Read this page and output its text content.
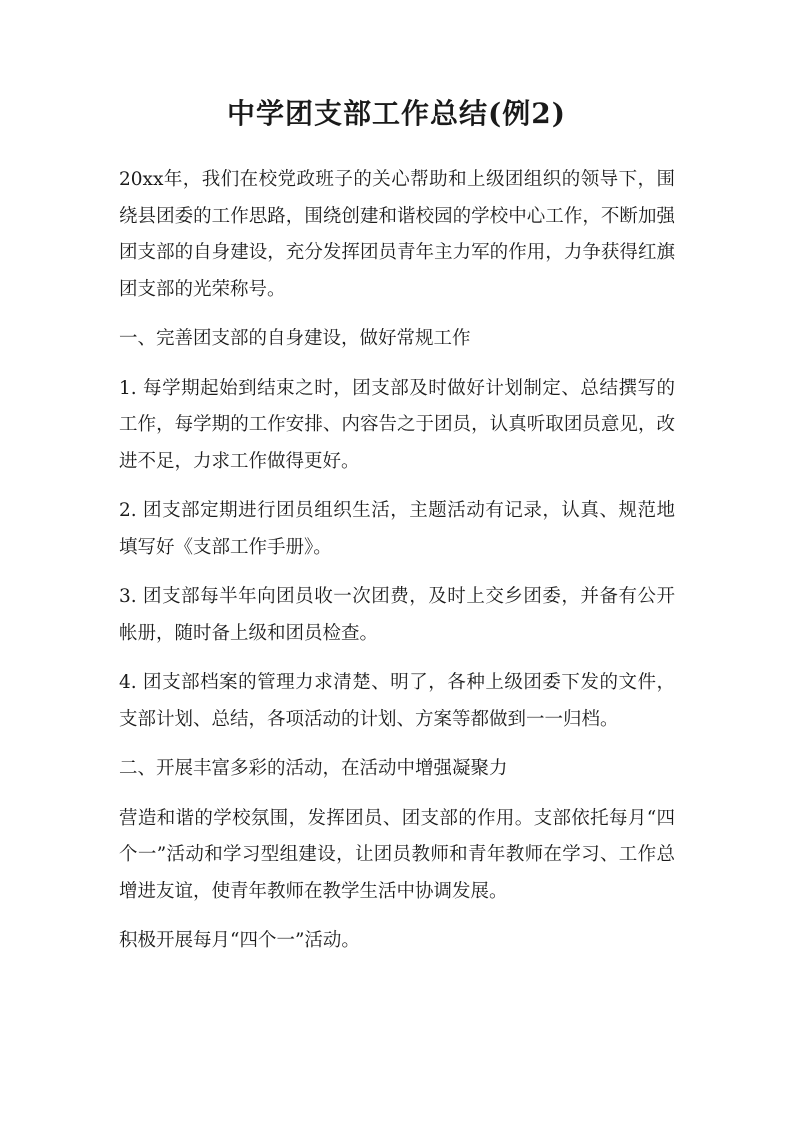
中学团支部工作总结(例2)

20xx年，我们在校党政班子的关心帮助和上级团组织的领导下，围绕县团委的工作思路，围绕创建和谐校园的学校中心工作，不断加强团支部的自身建设，充分发挥团员青年主力军的作用，力争获得红旗团支部的光荣称号。

一、完善团支部的自身建设，做好常规工作

1. 每学期起始到结束之时，团支部及时做好计划制定、总结撰写的工作，每学期的工作安排、内容告之于团员，认真听取团员意见，改进不足，力求工作做得更好。

2. 团支部定期进行团员组织生活，主题活动有记录，认真、规范地填写好《支部工作手册》。

3. 团支部每半年向团员收一次团费，及时上交乡团委，并备有公开帐册，随时备上级和团员检查。

4. 团支部档案的管理力求清楚、明了，各种上级团委下发的文件，支部计划、总结，各项活动的计划、方案等都做到一一归档。

二、开展丰富多彩的活动，在活动中增强凝聚力

营造和谐的学校氛围，发挥团员、团支部的作用。支部依托每月“四个一”活动和学习型组建设，让团员教师和青年教师在学习、工作总增进友谊，使青年教师在教学生活中协调发展。

积极开展每月“四个一”活动。
